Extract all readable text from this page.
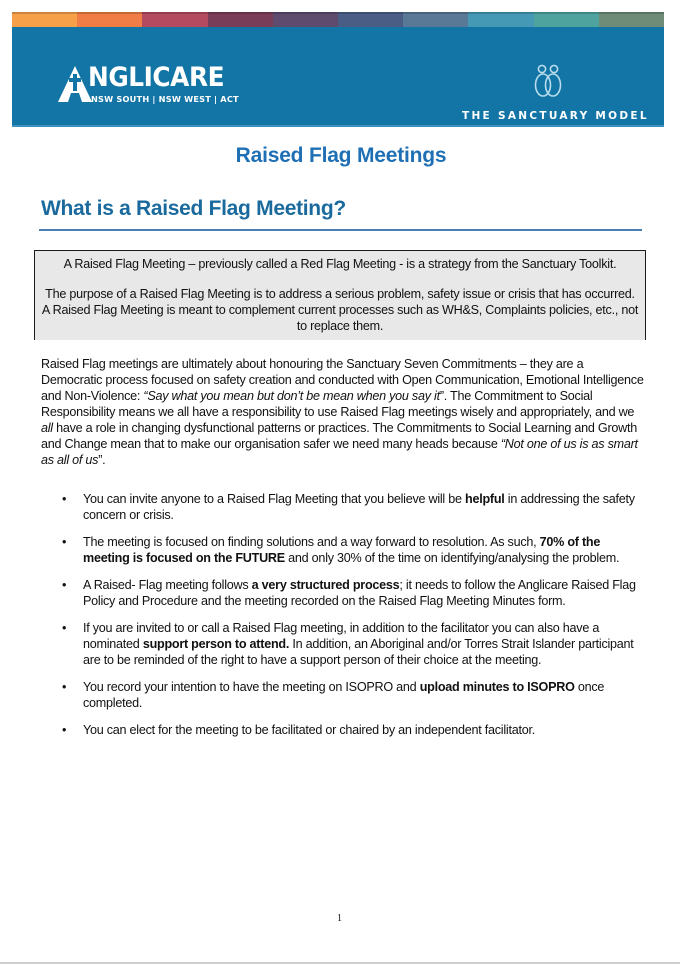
NGLICARE
NSW SOUTH | NSW WEST | ACT
THE SANCTUARY MODEL
Raised Flag Meetings
What is a Raised Flag Meeting?

A Raised Flag Meeting – previously called a Red Flag Meeting - is a strategy from the Sanctuary Toolkit.

The purpose of a Raised Flag Meeting is to address a serious problem, safety issue or crisis that has occurred. A Raised Flag Meeting is meant to complement current processes such as WH&S, Complaints policies, etc., not to replace them.

Raised Flag meetings are ultimately about honouring the Sanctuary Seven Commitments – they are a Democratic process focused on safety creation and conducted with Open Communication, Emotional Intelligence and Non-Violence: “Say what you mean but don’t be mean when you say it”. The Commitment to Social Responsibility means we all have a responsibility to use Raised Flag meetings wisely and appropriately, and we all have a role in changing dysfunctional patterns or practices. The Commitments to Social Learning and Growth and Change mean that to make our organisation safer we need many heads because “Not one of us is as smart as all of us”.

• You can invite anyone to a Raised Flag Meeting that you believe will be helpful in addressing the safety concern or crisis.
• The meeting is focused on finding solutions and a way forward to resolution. As such, 70% of the meeting is focused on the FUTURE and only 30% of the time on identifying/analysing the problem.
• A Raised- Flag meeting follows a very structured process; it needs to follow the Anglicare Raised Flag Policy and Procedure and the meeting recorded on the Raised Flag Meeting Minutes form.
• If you are invited to or call a Raised Flag meeting, in addition to the facilitator you can also have a nominated support person to attend. In addition, an Aboriginal and/or Torres Strait Islander participant are to be reminded of the right to have a support person of their choice at the meeting.
• You record your intention to have the meeting on ISOPRO and upload minutes to ISOPRO once completed.
• You can elect for the meeting to be facilitated or chaired by an independent facilitator.
1
